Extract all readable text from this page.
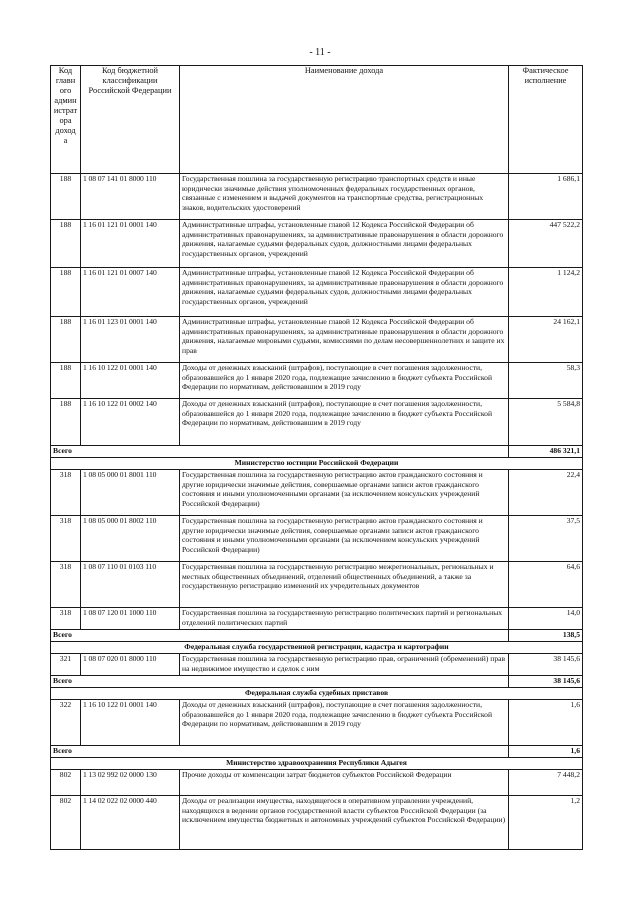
- 11 -
Код главн ого админ истрат ора доход а	Код бюджетной классификации Российской Федерации	Наименование дохода	Фактическое исполнение
188	1 08 07 141 01 8000 110	Государственная пошлина за государственную регистрацию транспортных средств и иные юридически значимые действия уполномоченных федеральных государственных органов, связанные с изменением и выдачей документов на транспортные средства, регистрационных знаков, водительских удостоверений	1 686,1
188	1 16 01 121 01 0001 140	Административные штрафы, установленные главой 12 Кодекса Российской Федерации об административных правонарушениях, за административные правонарушения в области дорожного движения, налагаемые судьями федеральных судов, должностными лицами федеральных государственных органов, учреждений	447 522,2
188	1 16 01 121 01 0007 140	Административные штрафы, установленные главой 12 Кодекса Российской Федерации об административных правонарушениях, за административные правонарушения в области дорожного движения, налагаемые судьями федеральных судов, должностными лицами федеральных государственных органов, учреждений	1 124,2
188	1 16 01 123 01 0001 140	Административные штрафы, установленные главой 12 Кодекса Российской Федерации об административных правонарушениях, за административные правонарушения в области дорожного движения, налагаемые мировыми судьями, комиссиями по делам несовершеннолетних и защите их прав	24 162,1
188	1 16 10 122 01 0001 140	Доходы от денежных взысканий (штрафов), поступающие в счет погашения задолженности, образовавшейся до 1 января 2020 года, подлежащие зачислению в бюджет субъекта Российской Федерации по нормативам, действовавшим в 2019 году	58,3
188	1 16 10 122 01 0002 140	Доходы от денежных взысканий (штрафов), поступающие в счет погашения задолженности, образовавшейся до 1 января 2020 года, подлежащие зачислению в бюджет субъекта Российской Федерации по нормативам, действовавшим в 2019 году	5 584,8
Всего			486 321,1
Министерство юстиции Российской Федерации			
318	1 08 05 000 01 8001 110	Государственная пошлина за государственную регистрацию актов гражданского состояния и другие юридически значимые действия, совершаемые органами записи актов гражданского состояния и иными уполномоченными органами (за исключением консульских учреждений Российской Федерации)	22,4
318	1 08 05 000 01 8002 110	Государственная пошлина за государственную регистрацию актов гражданского состояния и другие юридически значимые действия, совершаемые органами записи актов гражданского состояния и иными уполномоченными органами (за исключением консульских учреждений Российской Федерации)	37,5
318	1 08 07 110 01 0103 110	Государственная пошлина за государственную регистрацию межрегиональных, региональных и местных общественных объединений, отделений общественных объединений, а также за государственную регистрацию изменений их учредительных документов	64,6
318	1 08 07 120 01 1000 110	Государственная пошлина за государственную регистрацию политических партий и региональных отделений политических партий	14,0
Всего			138,5
Федеральная служба государственной регистрации, кадастра и картографии			
321	1 08 07 020 01 8000 110	Государственная пошлина за государственную регистрацию прав, ограничений (обременений) прав на недвижимое имущество и сделок с ним	38 145,6
Всего			38 145,6
Федеральная служба судебных приставов			
322	1 16 10 122 01 0001 140	Доходы от денежных взысканий (штрафов), поступающие в счет погашения задолженности, образовавшейся до 1 января 2020 года, подлежащие зачислению в бюджет субъекта Российской Федерации по нормативам, действовавшим в 2019 году	1,6
Всего			1,6
Министерство здравоохранения Республики Адыгея			
802	1 13 02 992 02 0000 130	Прочие доходы от компенсации затрат бюджетов субъектов Российской Федерации	7 448,2
802	1 14 02 022 02 0000 440	Доходы от реализации имущества, находящегося в оперативном управлении учреждений, находящихся в ведении органов государственной власти субъектов Российской Федерации (за исключением имущества бюджетных и автономных учреждений субъектов Российской Федерации)	1,2
